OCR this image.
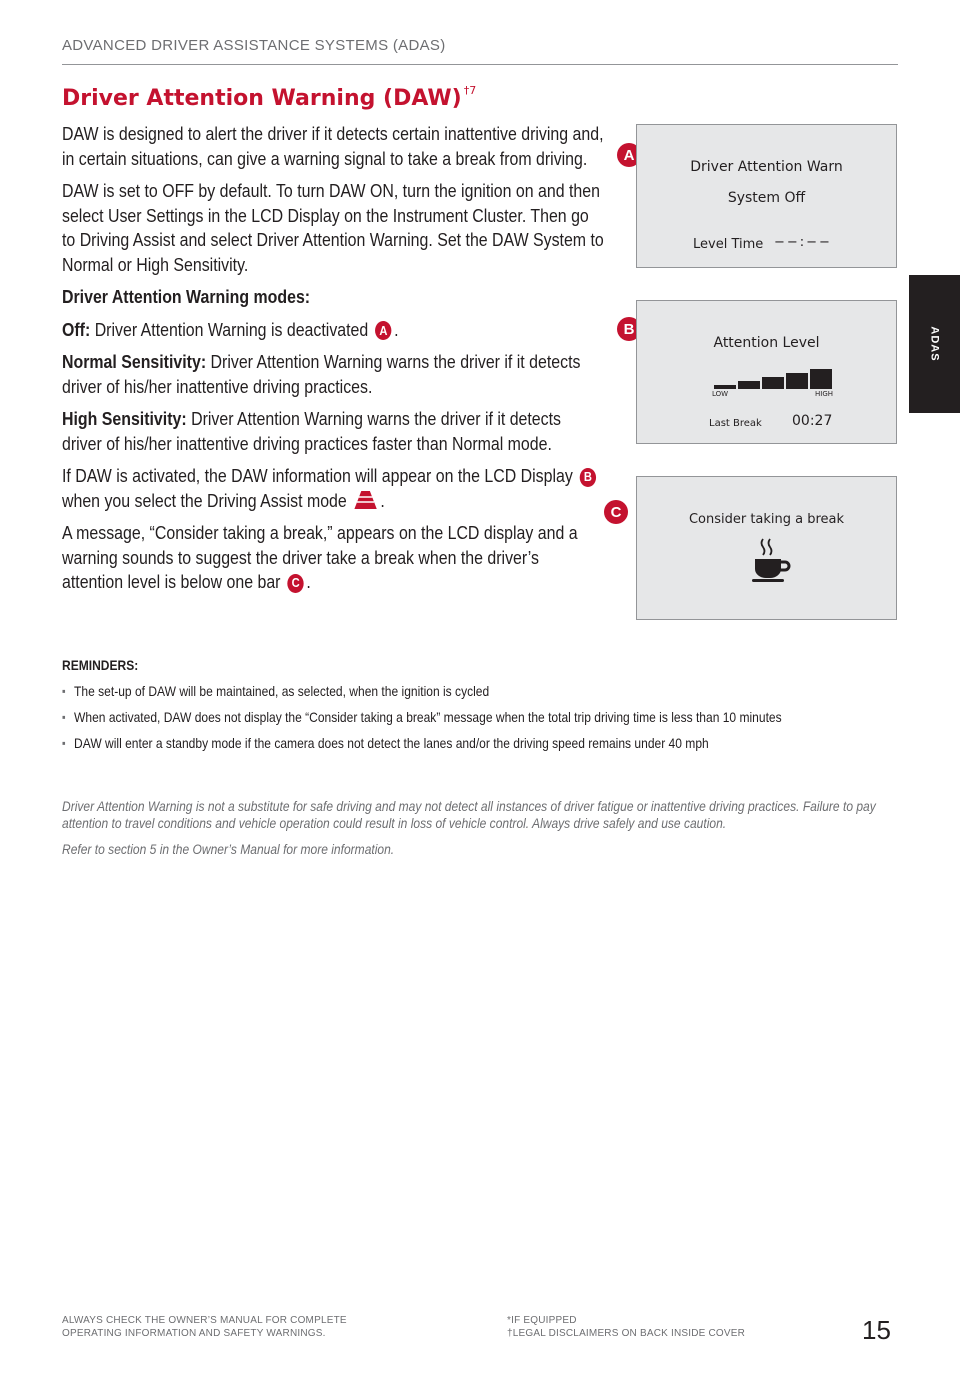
ADVANCED DRIVER ASSISTANCE SYSTEMS (ADAS)
ADAS
Driver Attention Warning (DAW) $^{\dagger 7}$

DAW is designed to alert the driver if it detects certain inattentive driving and, in certain situations, can give a warning signal to take a break from driving.

DAW is set to OFF by default. To turn DAW ON, turn the ignition on and then select User Settings in the LCD Display on the Instrument Cluster. Then go to Driving Assist and select Driver Attention Warning. Set the DAW System to Normal or High Sensitivity.

Driver Attention Warning modes:

Off: Driver Attention Warning is deactivated A .

Normal Sensitivity: Driver Attention Warning warns the driver if it detects driver of his/her inattentive driving practices.

High Sensitivity: Driver Attention Warning warns the driver if it detects driver of his/her inattentive driving practices faster than Normal mode.

If DAW is activated, the DAW information will appear on the LCD Display B when you select the Driving Assist mode .

A message, “Consider taking a break,” appears on the LCD display and a warning sounds to suggest the driver take a break when the driver’s attention level is below one bar C .

A
Driver Attention Warn
System Off
Level Time −−:−−
B
Attention Level
LOW	HIGH
Last Break 00:27
C	Consider taking a break
REMINDERS:
▪ The set-up of DAW will be maintained, as selected, when the ignition is cycled
▪ When activated, DAW does not display the “Consider taking a break” message when the total trip driving time is less than 10 minutes
▪ DAW will enter a standby mode if the camera does not detect the lanes and/or the driving speed remains under 40 mph

Driver Attention Warning is not a substitute for safe driving and may not detect all instances of driver fatigue or inattentive driving practices. Failure to pay attention to travel conditions and vehicle operation could result in loss of vehicle control. Always drive safely and use caution.

Refer to section 5 in the Owner’s Manual for more information.

ALWAYS CHECK THE OWNER’S MANUAL FOR COMPLETE
OPERATING INFORMATION AND SAFETY WARNINGS.
*IF EQUIPPED
†LEGAL DISCLAIMERS ON BACK INSIDE COVER	15
